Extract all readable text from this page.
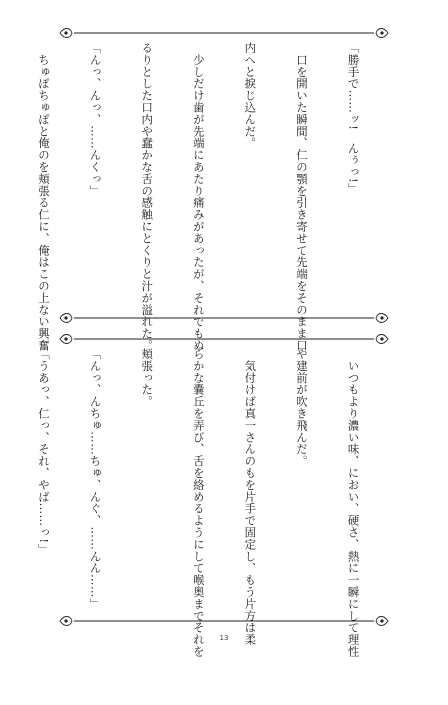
「勝手で……ッ!　んぅっ!」

　口を開いた瞬間、仁の顎を引き寄せて先端をそのまま口

内へと捩じ込んだ。

　少しだけ歯が先端にあたり痛みがあったが、それでもぬ

るりとした口内や蠢かな舌の感触にとくりと汁が溢れた。

「んっ、んっ、……んくっ」

　ちゅぽちゅぽと俺のを頬張る仁に、俺はこの上ない興奮

　いつもより濃い味、におい、硬さ、熱に一瞬にして理性

や建前が吹き飛んだ。

　気付けば真一さんのもを片手で固定し、もう片方は柔

らかな嚢丘を弄び、舌を絡めるようにして喉奥までそれを

頬張った。

「んっ、んちゅ……ちゅ、んぐ、……んん……」

「うあっ、仁っ、それ、やば……っ!」

13
